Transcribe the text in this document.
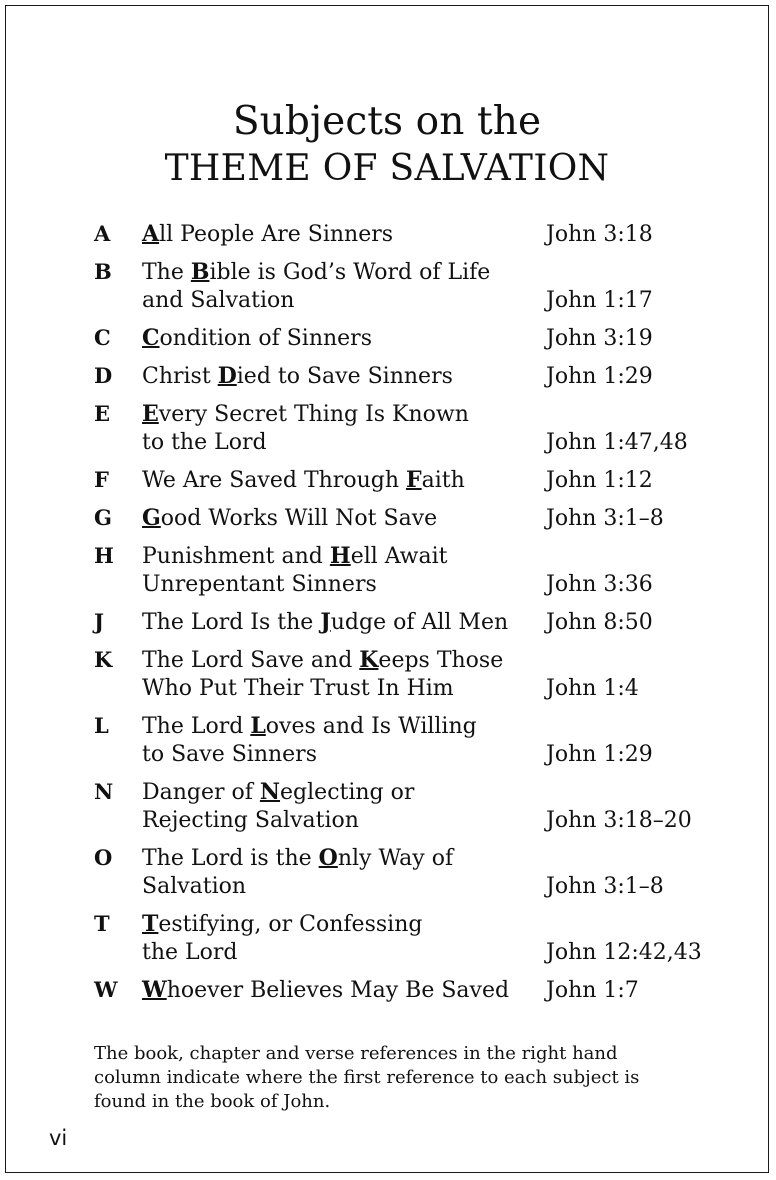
Subjects on the
THEME OF SALVATION
A	All People Are Sinners	John 3:18
B	The Bible is God’s Word of Life
and Salvation	John 1:17
C	Condition of Sinners	John 3:19
D	Christ Died to Save Sinners	John 1:29
E	Every Secret Thing Is Known
to the Lord	John 1:47,48
F	We Are Saved Through Faith	John 1:12
G	Good Works Will Not Save	John 3:1–8
H	Punishment and Hell Await
Unrepentant Sinners	John 3:36
J	The Lord Is the Judge of All Men	John 8:50
K	The Lord Save and Keeps Those
Who Put Their Trust In Him	John 1:4
L	The Lord Loves and Is Willing
to Save Sinners	John 1:29
N	Danger of Neglecting or
Rejecting Salvation	John 3:18–20
O	The Lord is the Only Way of
Salvation	John 3:1–8
T	Testifying, or Confessing
the Lord	John 12:42,43
W	Whoever Believes May Be Saved	John 1:7
The book, chapter and verse references in the right hand
column indicate where the first reference to each subject is
found in the book of John.
vi
